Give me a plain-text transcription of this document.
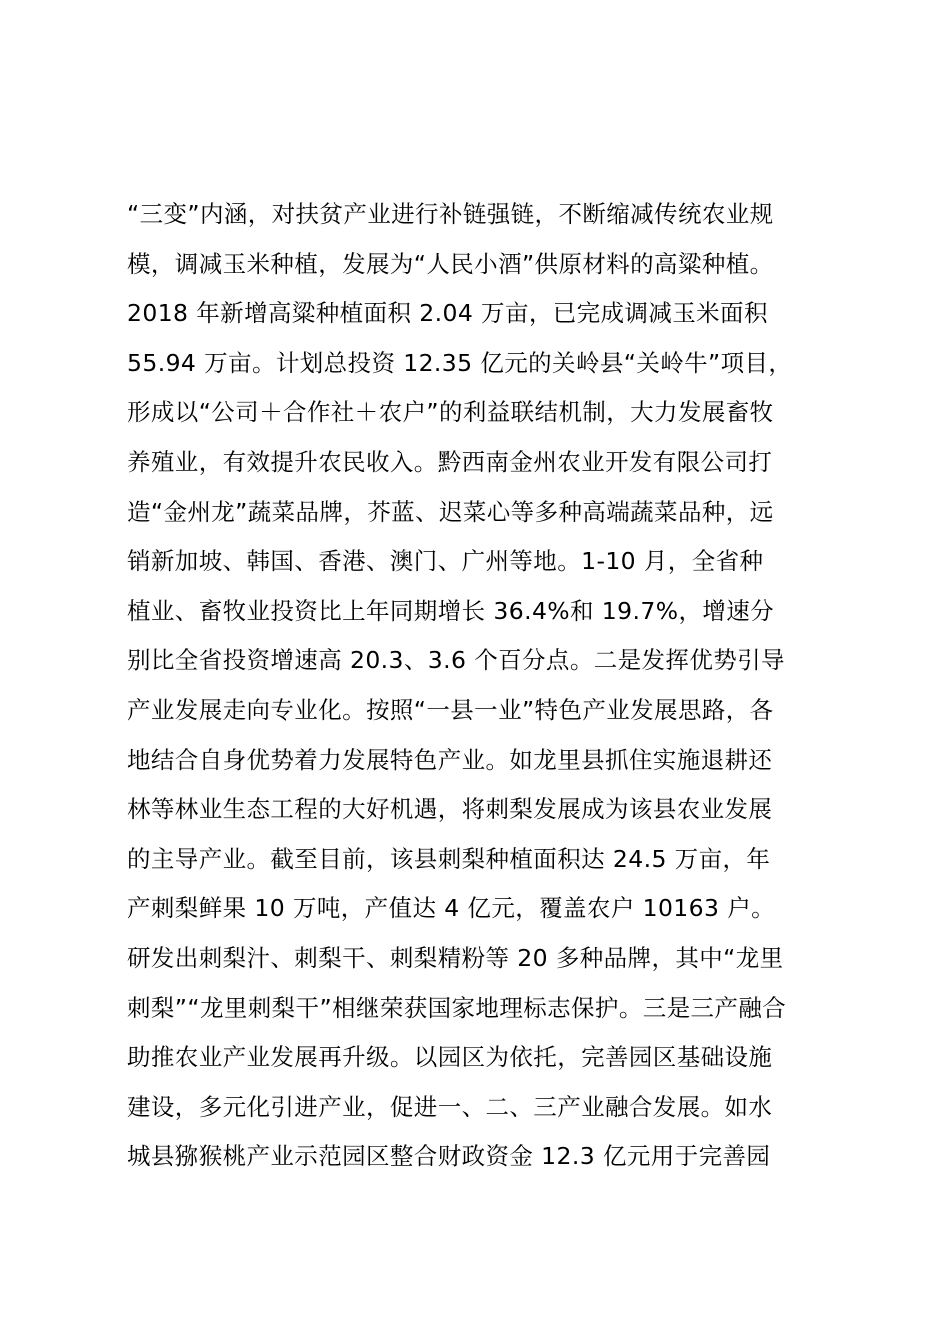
“三变”内涵，对扶贫产业进行补链强链，不断缩减传统农业规
模，调减玉米种植，发展为“人民小酒”供原材料的高粱种植。
2018 年新增高粱种植面积 2.04 万亩，已完成调减玉米面积
55.94 万亩。计划总投资 12.35 亿元的关岭县“关岭牛”项目，
形成以“公司＋合作社＋农户”的利益联结机制，大力发展畜牧
养殖业，有效提升农民收入。黔西南金州农业开发有限公司打
造“金州龙”蔬菜品牌，芥蓝、迟菜心等多种高端蔬菜品种，远
销新加坡、韩国、香港、澳门、广州等地。1-10 月，全省种
植业、畜牧业投资比上年同期增长 36.4%和 19.7%，增速分
别比全省投资增速高 20.3、3.6 个百分点。二是发挥优势引导
产业发展走向专业化。按照“一县一业”特色产业发展思路，各
地结合自身优势着力发展特色产业。如龙里县抓住实施退耕还
林等林业生态工程的大好机遇，将刺梨发展成为该县农业发展
的主导产业。截至目前，该县刺梨种植面积达 24.5 万亩，年
产刺梨鲜果 10 万吨，产值达 4 亿元，覆盖农户 10163 户。
研发出刺梨汁、刺梨干、刺梨精粉等 20 多种品牌，其中“龙里
刺梨”“龙里刺梨干”相继荣获国家地理标志保护。三是三产融合
助推农业产业发展再升级。以园区为依托，完善园区基础设施
建设，多元化引进产业，促进一、二、三产业融合发展。如水
城县猕猴桃产业示范园区整合财政资金 12.3 亿元用于完善园
